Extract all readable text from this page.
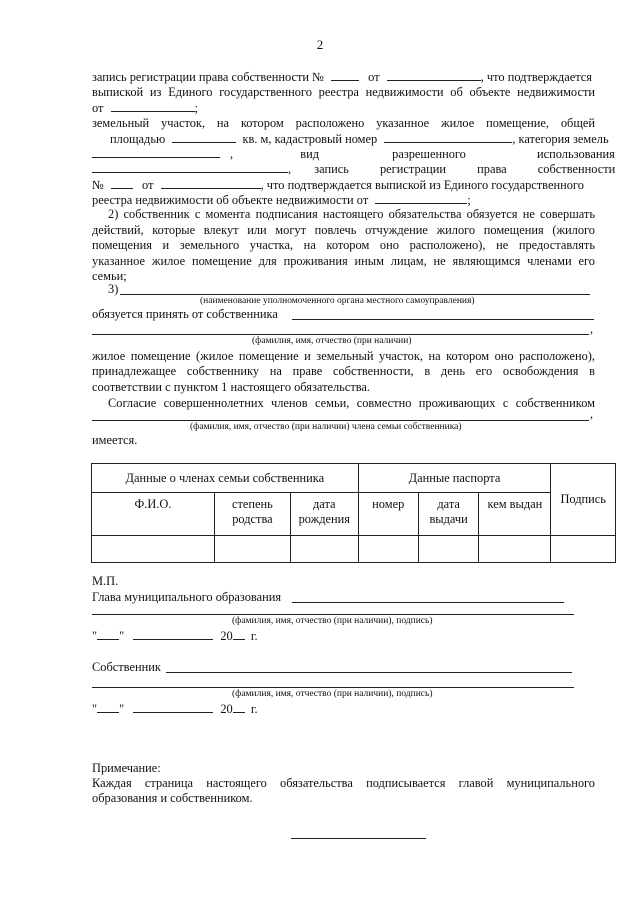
2
запись регистрации права собственности №	от	, что подтверждается
выпиской из Единого государственного реестра недвижимости об объекте недвижимости
от	;
земельный участок, на котором расположено указанное жилое помещение, общей
площадью	кв. м, кадастровый номер	, категория земель
,	вид	разрешенного	использования
, запись	регистрации	права	собственности
№	от	, что подтверждается выпиской из Единого государственного
реестра недвижимости об объекте недвижимости от	;
2) собственник с момента подписания настоящего обязательства обязуется не совершать
действий, которые влекут или могут повлечь отчуждение жилого помещения (жилого
помещения и земельного участка, на котором оно расположено), не предоставлять
указанное жилое помещение для проживания иным лицам, не являющимся членами его
семьи;
3)
(наименование уполномоченного органа местного самоуправления)
обязуется принять от собственника
,
(фамилия, имя, отчество (при наличии)
жилое помещение (жилое помещение и земельный участок, на котором оно расположено),
принадлежащее собственнику на праве собственности, в день его освобождения в
соответствии с пунктом 1 настоящего обязательства.
Согласие совершеннолетних членов семьи, совместно проживающих с собственником
,
(фамилия, имя, отчество (при наличии) члена семьи собственника)
имеется.
Данные о членах семьи собственника			Данные паспорта			Подпись
Ф.И.О.	степень родства	дата рождения	номер	дата выдачи	кем выдан	

М.П.
Глава муниципального образования
(фамилия, имя, отчество (при наличии), подпись)
" "	20 г.
Собственник
(фамилия, имя, отчество (при наличии), подпись)
" "	20 г.
Примечание:
Каждая страница настоящего обязательства подписывается главой муниципального
образования и собственником.
